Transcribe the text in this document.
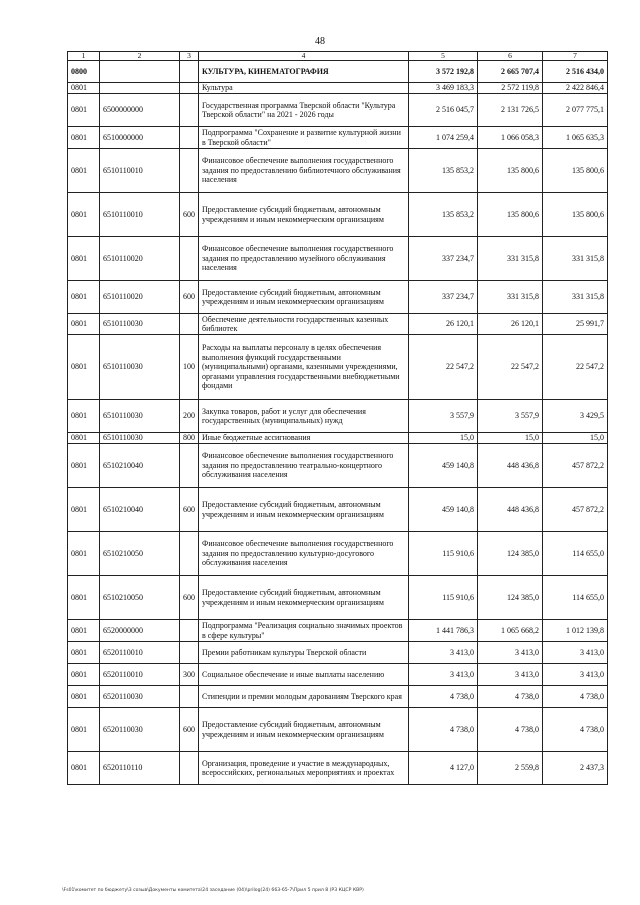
48
1	2	3	4	5	6	7
0800			КУЛЬТУРА, КИНЕМАТОГРАФИЯ	3 572 192,8	2 665 707,4	2 516 434,0
0801			Культура	3 469 183,3	2 572 119,8	2 422 846,4
0801	6500000000		Государственная программа Тверской области "Культура Тверской области" на 2021 - 2026 годы	2 516 045,7	2 131 726,5	2 077 775,1
0801	6510000000		Подпрограмма "Сохранение и развитие культурной жизни в Тверской области"	1 074 259,4	1 066 058,3	1 065 635,3
0801	6510110010		Финансовое обеспечение выполнения государственного задания по предоставлению библиотечного обслуживания населения	135 853,2	135 800,6	135 800,6
0801	6510110010	600	Предоставление субсидий бюджетным, автономным учреждениям и иным некоммерческим организациям	135 853,2	135 800,6	135 800,6
0801	6510110020		Финансовое обеспечение выполнения государственного задания по предоставлению музейного обслуживания населения	337 234,7	331 315,8	331 315,8
0801	6510110020	600	Предоставление субсидий бюджетным, автономным учреждениям и иным некоммерческим организациям	337 234,7	331 315,8	331 315,8
0801	6510110030		Обеспечение деятельности государственных казенных библиотек	26 120,1	26 120,1	25 991,7
0801	6510110030	100	Расходы на выплаты персоналу в целях обеспечения выполнения функций государственными (муниципальными) органами, казенными учреждениями, органами управления государственными внебюджетными фондами	22 547,2	22 547,2	22 547,2
0801	6510110030	200	Закупка товаров, работ и услуг для обеспечения государственных (муниципальных) нужд	3 557,9	3 557,9	3 429,5
0801	6510110030	800	Иные бюджетные ассигнования	15,0	15,0	15,0
0801	6510210040		Финансовое обеспечение выполнения государственного задания по предоставлению театрально-концертного обслуживания населения	459 140,8	448 436,8	457 872,2
0801	6510210040	600	Предоставление субсидий бюджетным, автономным учреждениям и иным некоммерческим организациям	459 140,8	448 436,8	457 872,2
0801	6510210050		Финансовое обеспечение выполнения государственного задания по предоставлению культурно-досугового обслуживания населения	115 910,6	124 385,0	114 655,0
0801	6510210050	600	Предоставление субсидий бюджетным, автономным учреждениям и иным некоммерческим организациям	115 910,6	124 385,0	114 655,0
0801	6520000000		Подпрограмма "Реализация социально значимых проектов в сфере культуры"	1 441 786,3	1 065 668,2	1 012 139,8
0801	6520110010		Премии работникам культуры Тверской области	3 413,0	3 413,0	3 413,0
0801	6520110010	300	Социальное обеспечение и иные выплаты населению	3 413,0	3 413,0	3 413,0
0801	6520110030		Стипендии и премии молодым дарованиям Тверского края	4 738,0	4 738,0	4 738,0
0801	6520110030	600	Предоставление субсидий бюджетным, автономным учреждениям и иным некоммерческим организациям	4 738,0	4 738,0	4 738,0
0801	6520110110		Организация, проведение и участие в международных, всероссийских, региональных мероприятиях и проектах	4 127,0	2 559,8	2 437,3
\Fs01\комитет по бюджету\3 созыв\Документы комитета\24 заседание (04)\prilog(24) 663-65-7\Прил 5 прил 8 (Р3 КЦСР КВР)
